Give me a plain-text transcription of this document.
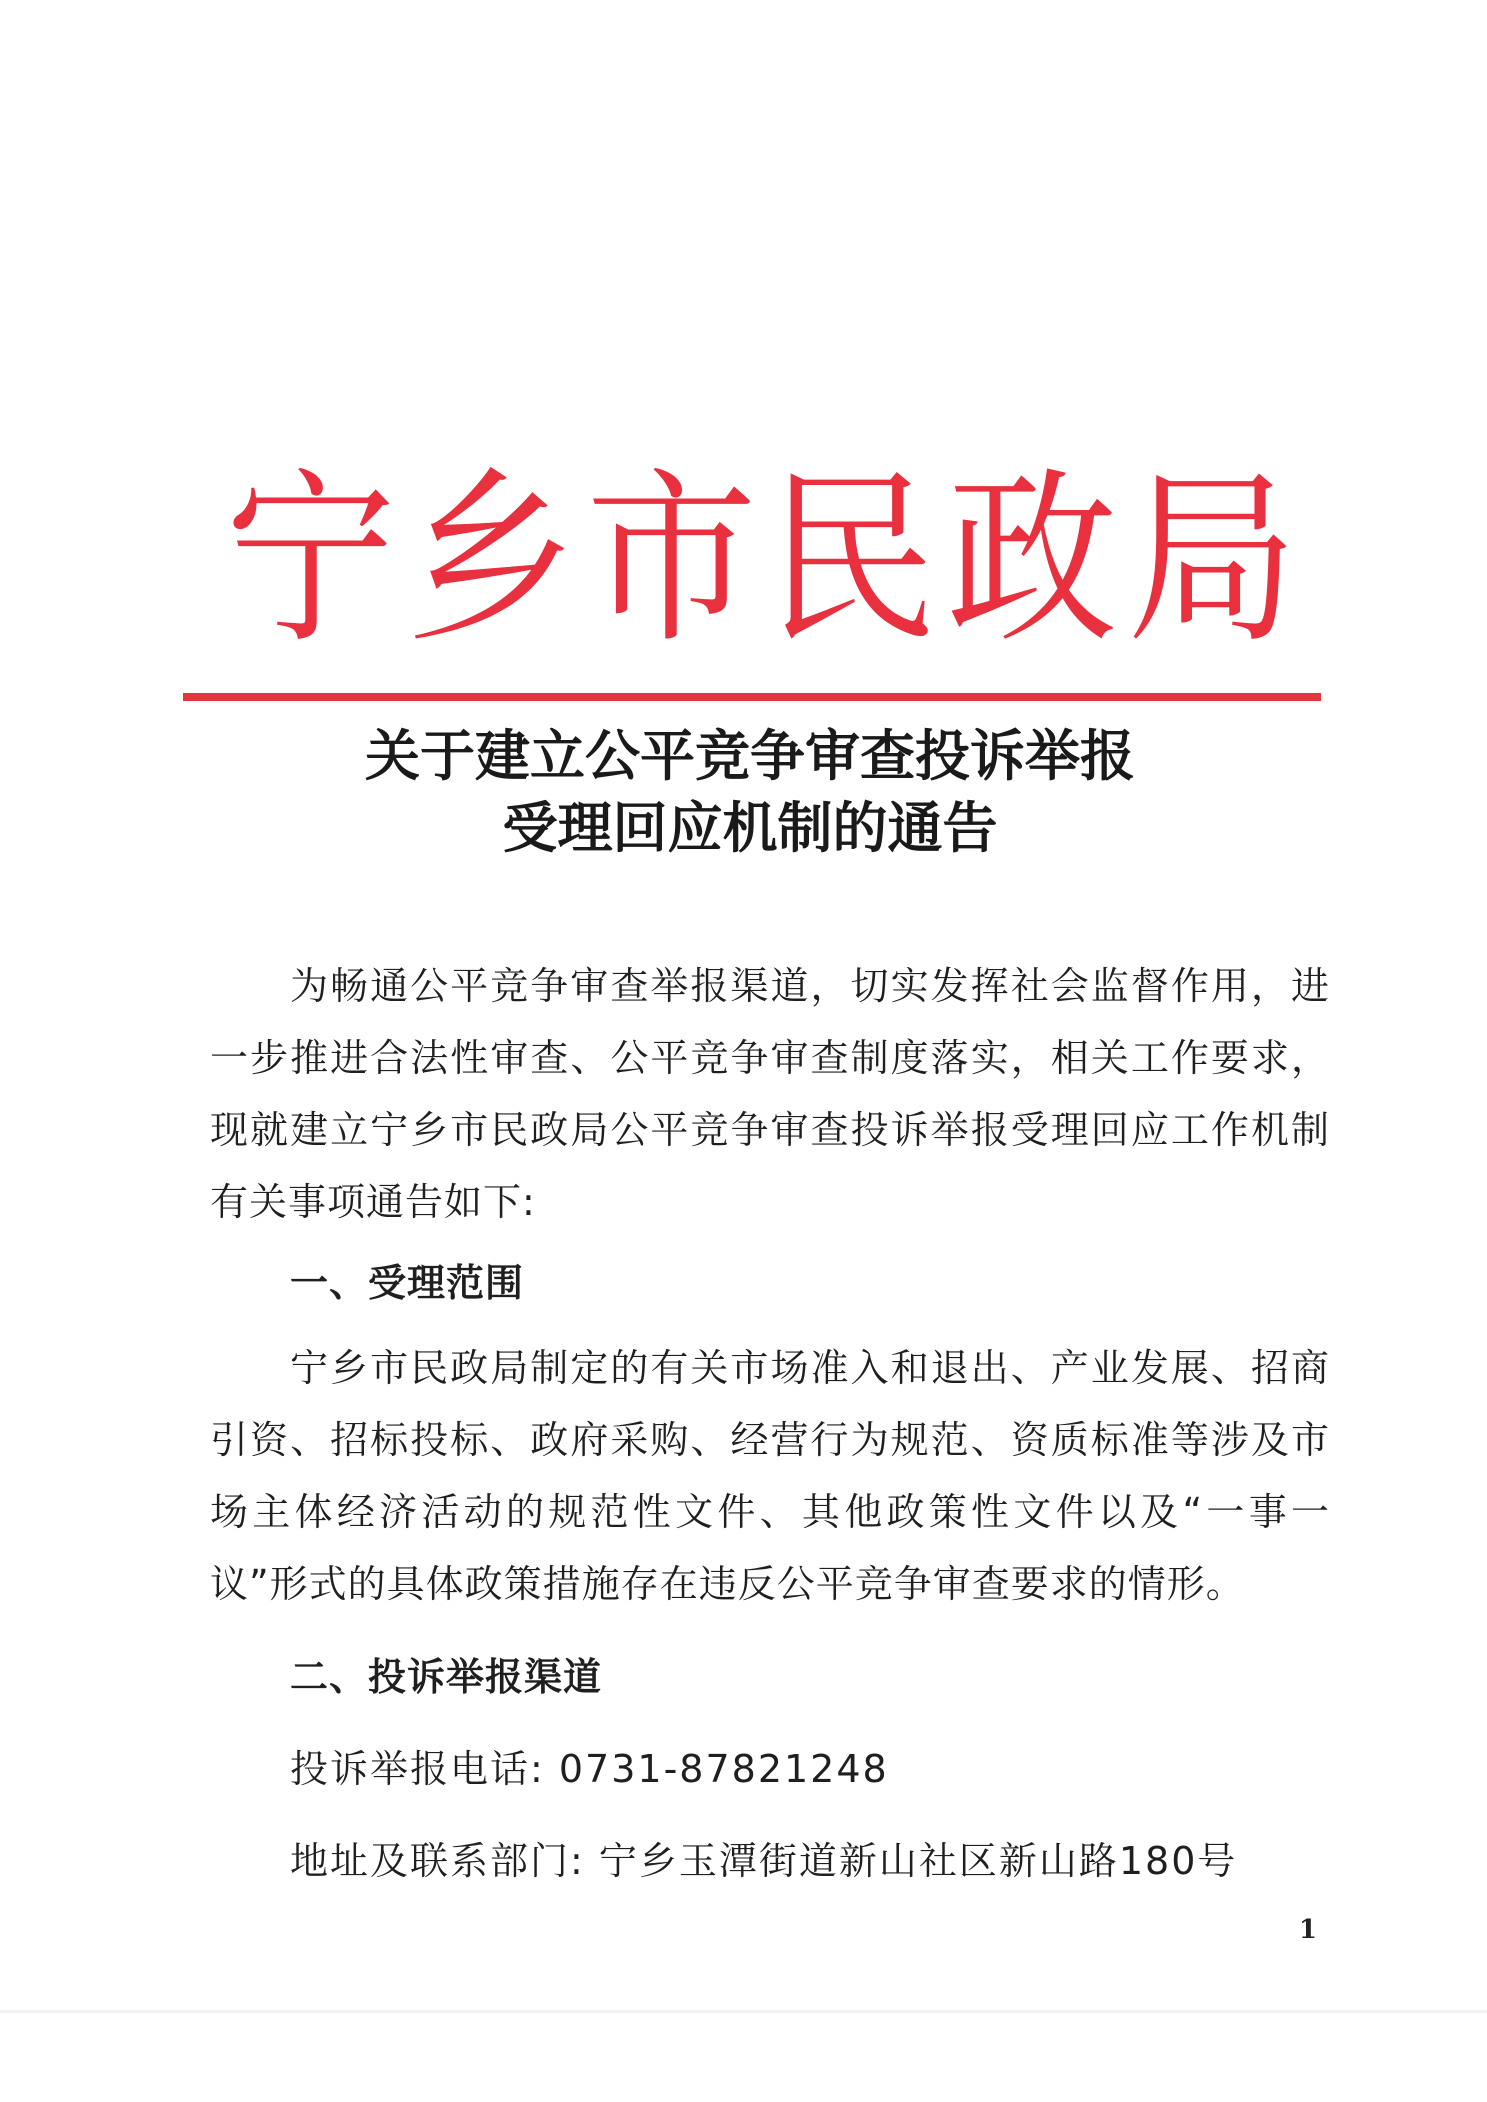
宁乡市民政局
关于建立公平竞争审查投诉举报
受理回应机制的通告

为畅通公平竞争审查举报渠道，切实发挥社会监督作用，进一步推进合法性审查、公平竞争审查制度落实，相关工作要求，现就建立宁乡市民政局公平竞争审查投诉举报受理回应工作机制有关事项通告如下:

一、受理范围

宁乡市民政局制定的有关市场准入和退出、产业发展、招商引资、招标投标、政府采购、经营行为规范、资质标准等涉及市场主体经济活动的规范性文件、其他政策性文件以及“一事一议”形式的具体政策措施存在违反公平竞争审查要求的情形。

二、投诉举报渠道
投诉举报电话: 0731-87821248
地址及联系部门: 宁乡玉潭街道新山社区新山路180号
1
